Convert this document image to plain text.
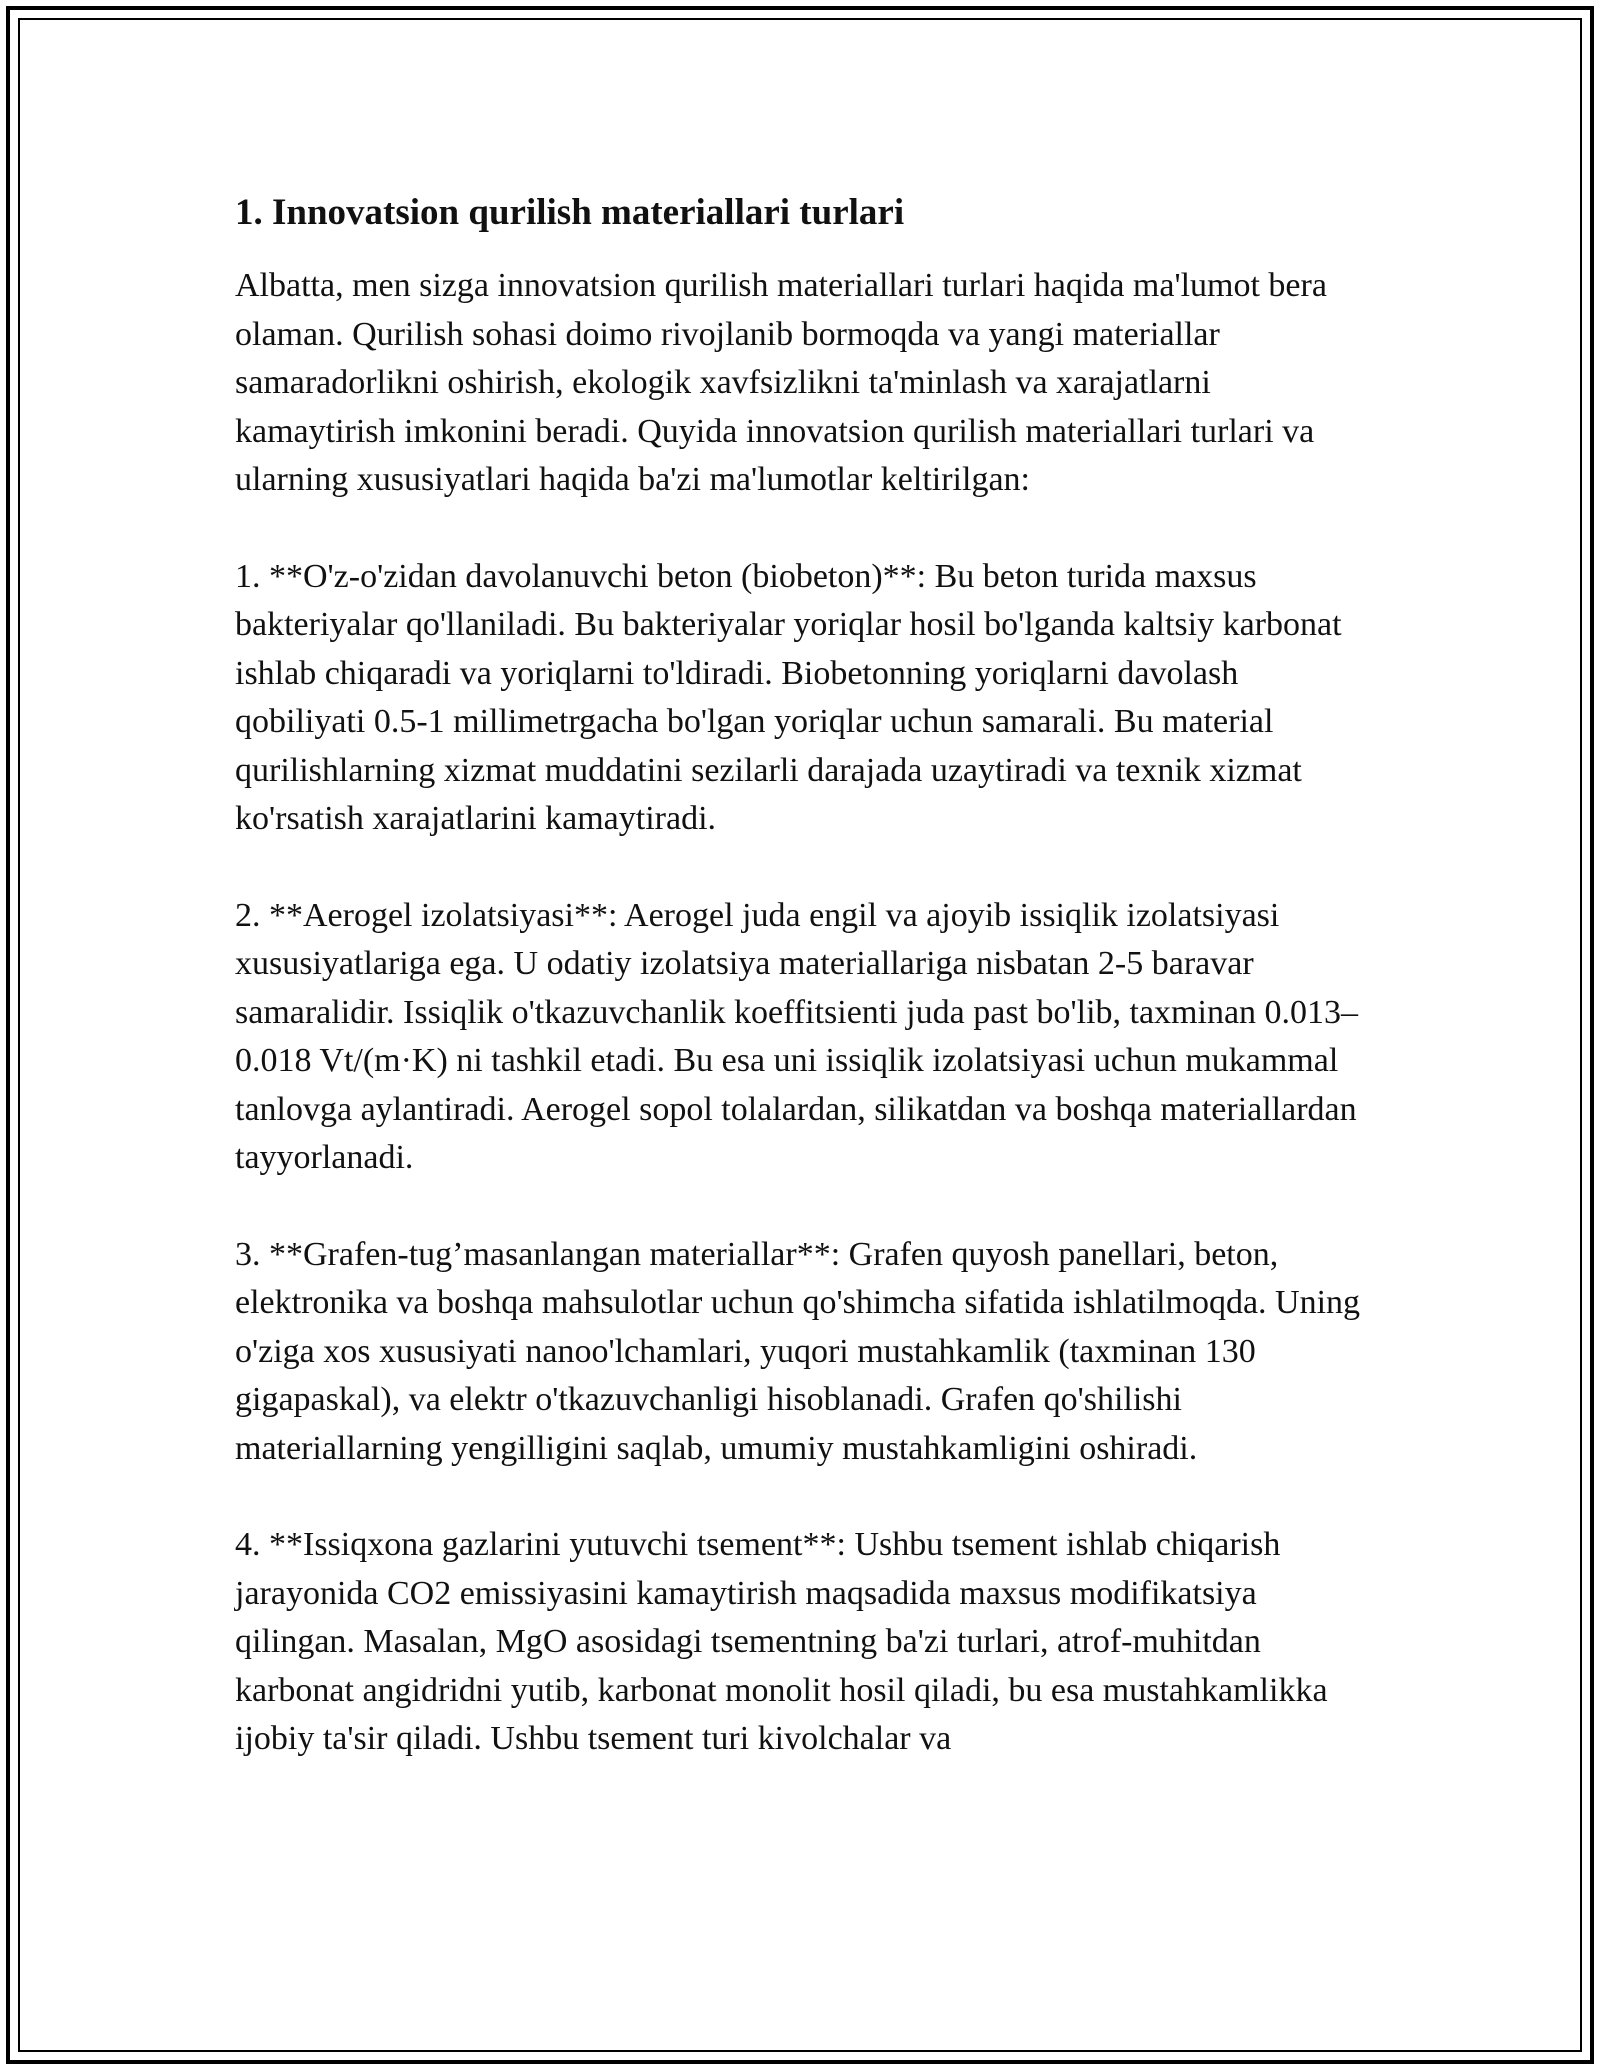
1. Innovatsion qurilish materiallari turlari

Albatta, men sizga innovatsion qurilish materiallari turlari haqida ma'lumot bera olaman. Qurilish sohasi doimo rivojlanib bormoqda va yangi materiallar samaradorlikni oshirish, ekologik xavfsizlikni ta'minlash va xarajatlarni kamaytirish imkonini beradi. Quyida innovatsion qurilish materiallari turlari va ularning xususiyatlari haqida ba'zi ma'lumotlar keltirilgan:

1. **O'z-o'zidan davolanuvchi beton (biobeton)**: Bu beton turida maxsus bakteriyalar qo'llaniladi. Bu bakteriyalar yoriqlar hosil bo'lganda kaltsiy karbonat ishlab chiqaradi va yoriqlarni to'ldiradi. Biobetonning yoriqlarni davolash qobiliyati 0.5-1 millimetrgacha bo'lgan yoriqlar uchun samarali. Bu material qurilishlarning xizmat muddatini sezilarli darajada uzaytiradi va texnik xizmat ko'rsatish xarajatlarini kamaytiradi.

2. **Aerogel izolatsiyasi**: Aerogel juda engil va ajoyib issiqlik izolatsiyasi xususiyatlariga ega. U odatiy izolatsiya materiallariga nisbatan 2-5 baravar samaralidir. Issiqlik o'tkazuvchanlik koeffitsienti juda past bo'lib, taxminan 0.013–0.018 Vt/(m·K) ni tashkil etadi. Bu esa uni issiqlik izolatsiyasi uchun mukammal tanlovga aylantiradi. Aerogel sopol tolalardan, silikatdan va boshqa materiallardan tayyorlanadi.

3. **Grafen-tug’masanlangan materiallar**: Grafen quyosh panellari, beton, elektronika va boshqa mahsulotlar uchun qo'shimcha sifatida ishlatilmoqda. Uning o'ziga xos xususiyati nanoo'lchamlari, yuqori mustahkamlik (taxminan 130 gigapaskal), va elektr o'tkazuvchanligi hisoblanadi. Grafen qo'shilishi materiallarning yengilligini saqlab, umumiy mustahkamligini oshiradi.

4. **Issiqxona gazlarini yutuvchi tsement**: Ushbu tsement ishlab chiqarish jarayonida CO2 emissiyasini kamaytirish maqsadida maxsus modifikatsiya qilingan. Masalan, MgO asosidagi tsementning ba'zi turlari, atrof-muhitdan karbonat angidridni yutib, karbonat monolit hosil qiladi, bu esa mustahkamlikka ijobiy ta'sir qiladi. Ushbu tsement turi kivolchalar va
